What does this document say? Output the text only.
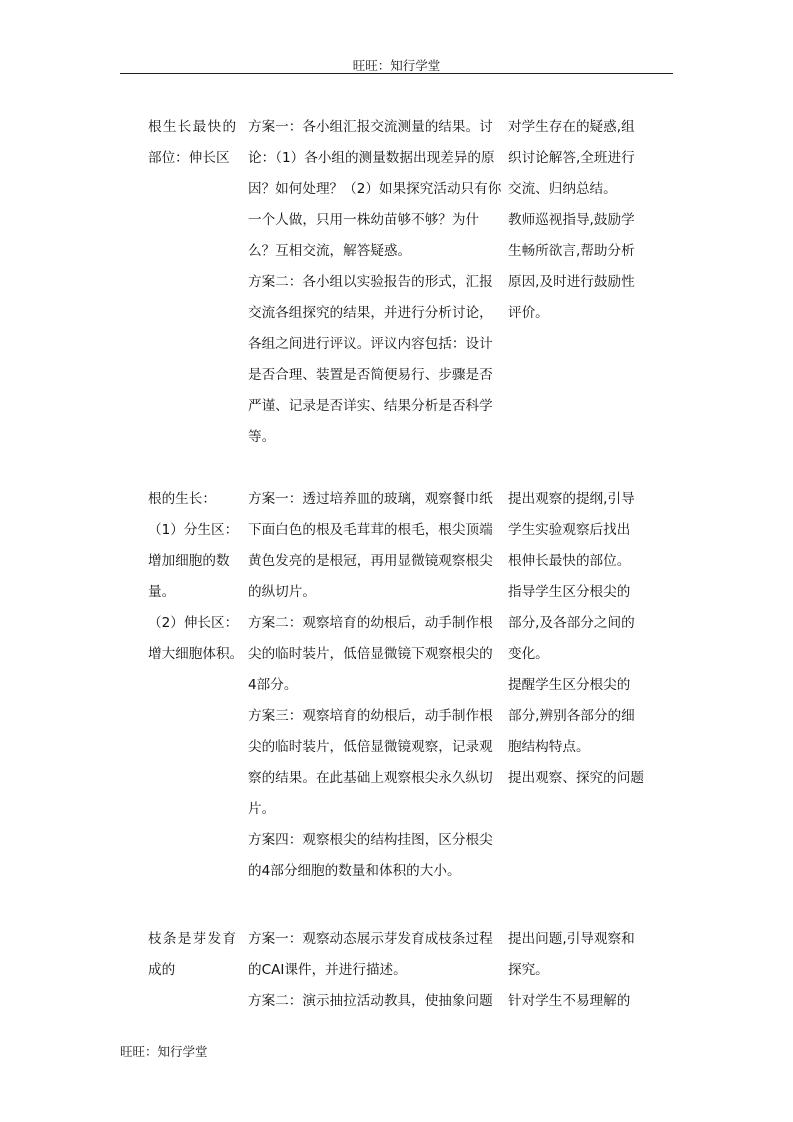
旺旺：知行学堂
根生长最快的
部位：伸长区
方案一：各小组汇报交流测量的结果。讨
论：（1）各小组的测量数据出现差异的原
因？如何处理？（2）如果探究活动只有你
一个人做，只用一株幼苗够不够？为什
么？互相交流，解答疑惑。
方案二：各小组以实验报告的形式，汇报
交流各组探究的结果，并进行分析讨论，
各组之间进行评议。评议内容包括：设计
是否合理、装置是否简便易行、步骤是否
严谨、记录是否详实、结果分析是否科学
等。
对学生存在的疑惑,组
织讨论解答,全班进行
交流、归纳总结。
教师巡视指导,鼓励学
生畅所欲言,帮助分析
原因,及时进行鼓励性
评价。
根的生长：
（1）分生区：
增加细胞的数
量。
（2）伸长区：
增大细胞体积。
方案一：透过培养皿的玻璃，观察餐巾纸
下面白色的根及毛茸茸的根毛，根尖顶端
黄色发亮的是根冠，再用显微镜观察根尖
的纵切片。
方案二：观察培育的幼根后，动手制作根
尖的临时装片，低倍显微镜下观察根尖的
4部分。
方案三：观察培育的幼根后，动手制作根
尖的临时装片，低倍显微镜观察，记录观
察的结果。在此基础上观察根尖永久纵切
片。
方案四：观察根尖的结构挂图，区分根尖
的4部分细胞的数量和体积的大小。
提出观察的提纲,引导
学生实验观察后找出
根伸长最快的部位。
指导学生区分根尖的
部分,及各部分之间的
变化。
提醒学生区分根尖的
部分,辨别各部分的细
胞结构特点。
提出观察、探究的问题
枝条是芽发育
成的
方案一：观察动态展示芽发育成枝条过程
的CAI课件，并进行描述。
方案二：演示抽拉活动教具，使抽象问题
提出问题,引导观察和
探究。
针对学生不易理解的
旺旺：知行学堂
